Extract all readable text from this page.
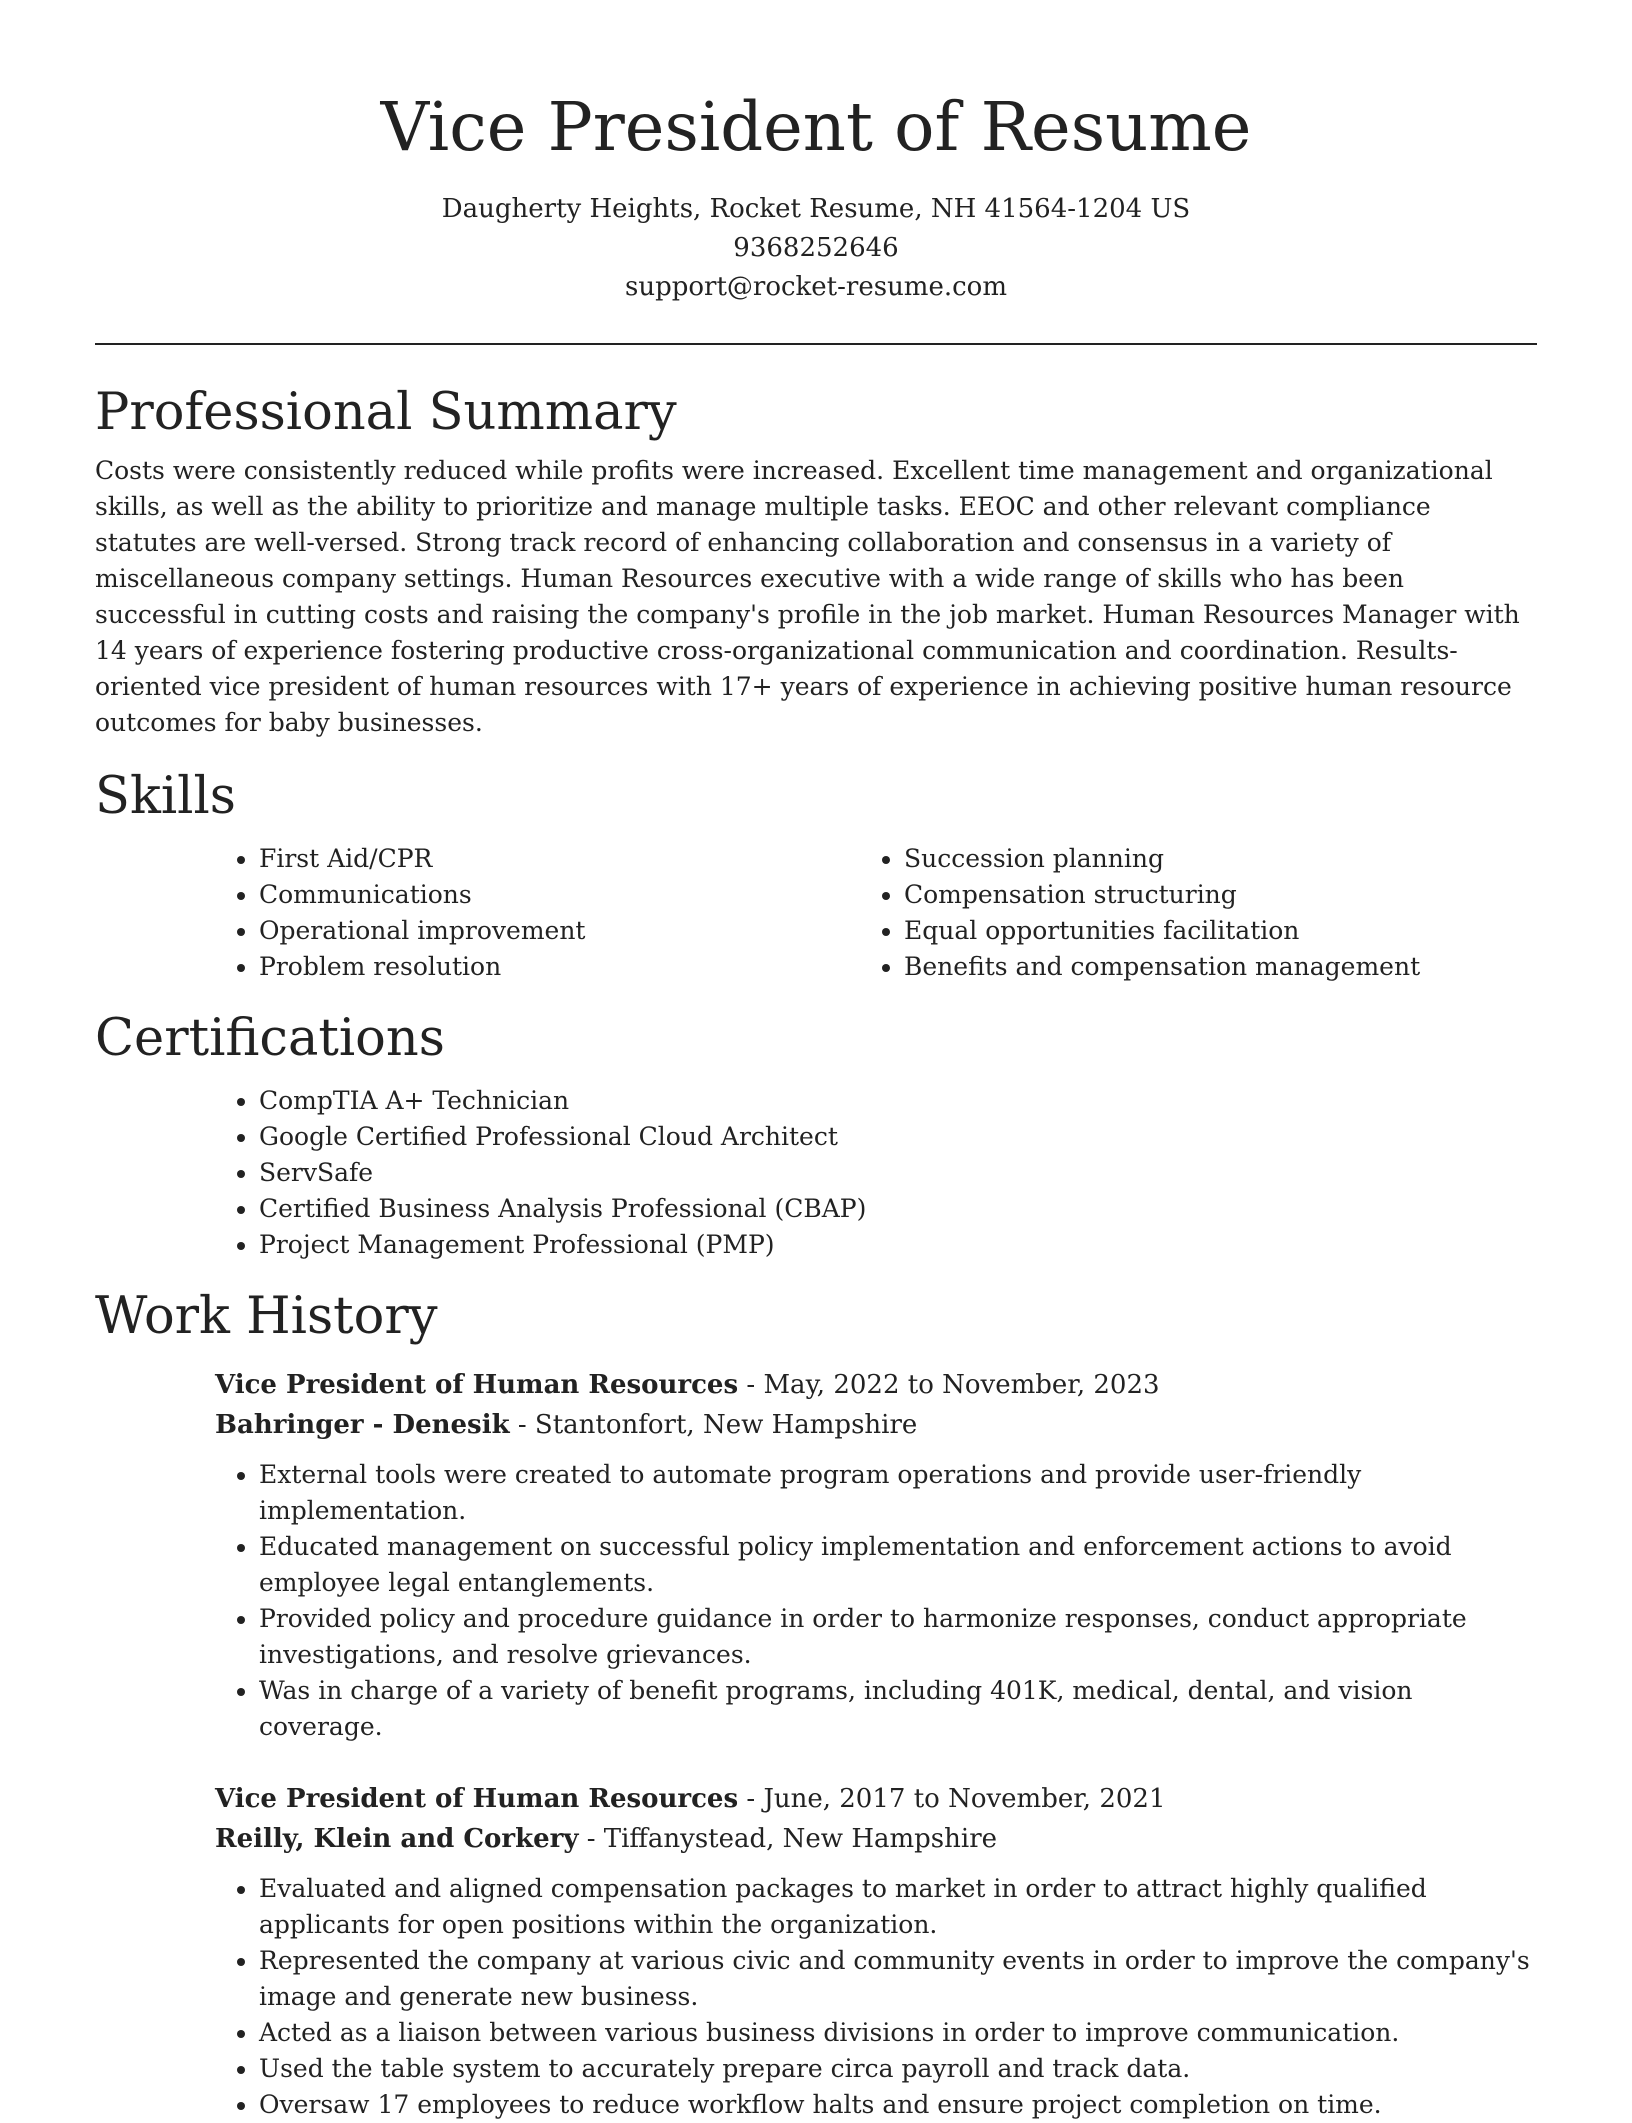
Vice President of Resume

Daugherty Heights, Rocket Resume, NH 41564-1204 US

9368252646

support@rocket-resume.com

Professional Summary

Costs were consistently reduced while profits were increased. Excellent time management and organizational skills, as well as the ability to prioritize and manage multiple tasks. EEOC and other relevant compliance statutes are well-versed. Strong track record of enhancing collaboration and consensus in a variety of miscellaneous company settings. Human Resources executive with a wide range of skills who has been successful in cutting costs and raising the company's profile in the job market. Human Resources Manager with 14 years of experience fostering productive cross-organizational communication and coordination. Results-oriented vice president of human resources with 17+ years of experience in achieving positive human resource outcomes for baby businesses.

Skills
• First Aid/CPR
• Communications
• Operational improvement
• Problem resolution
• Succession planning
• Compensation structuring
• Equal opportunities facilitation
• Benefits and compensation management
Certifications
• CompTIA A+ Technician
• Google Certified Professional Cloud Architect
• ServSafe
• Certified Business Analysis Professional (CBAP)
• Project Management Professional (PMP)
Work History

Vice President of Human Resources - May, 2022 to November, 2023

Bahringer - Denesik - Stantonfort, New Hampshire

• External tools were created to automate program operations and provide user-friendly implementation.
• Educated management on successful policy implementation and enforcement actions to avoid employee legal entanglements.
• Provided policy and procedure guidance in order to harmonize responses, conduct appropriate investigations, and resolve grievances.
• Was in charge of a variety of benefit programs, including 401K, medical, dental, and vision coverage.

Vice President of Human Resources - June, 2017 to November, 2021

Reilly, Klein and Corkery - Tiffanystead, New Hampshire

• Evaluated and aligned compensation packages to market in order to attract highly qualified applicants for open positions within the organization.
• Represented the company at various civic and community events in order to improve the company's image and generate new business.
• Acted as a liaison between various business divisions in order to improve communication.
• Used the table system to accurately prepare circa payroll and track data.
• Oversaw 17 employees to reduce workflow halts and ensure project completion on time.
